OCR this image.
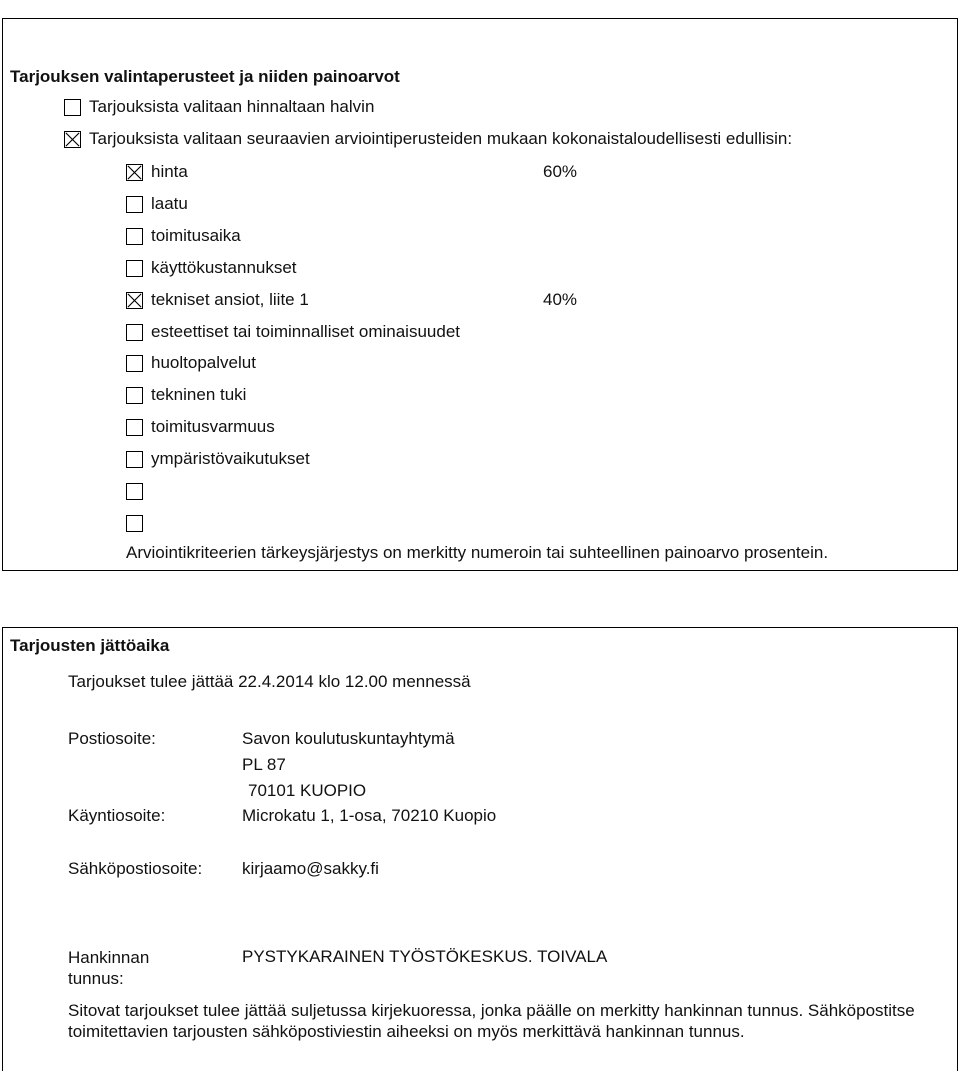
Tarjouksen valintaperusteet ja niiden painoarvot
Tarjouksista valitaan hinnaltaan halvin
Tarjouksista valitaan seuraavien arviointiperusteiden mukaan kokonaistaloudellisesti edullisin:
hinta	60%
laatu
toimitusaika
käyttökustannukset
tekniset ansiot, liite 1	40%
esteettiset tai toiminnalliset ominaisuudet
huoltopalvelut
tekninen tuki
toimitusvarmuus
ympäristövaikutukset
Arviointikriteerien tärkeysjärjestys on merkitty numeroin tai suhteellinen painoarvo prosentein.
Tarjousten jättöaika
Tarjoukset tulee jättää 22.4.2014 klo 12.00 mennessä
Postiosoite:	Savon koulutuskuntayhtymä
PL 87
70101 KUOPIO
Käyntiosoite:	Microkatu 1, 1-osa, 70210 Kuopio
Sähköpostiosoite: kirjaamo@sakky.fi
Hankinnan tunnus:
PYSTYKARAINEN TYÖSTÖKESKUS. TOIVALA
Sitovat tarjoukset tulee jättää suljetussa kirjekuoressa, jonka päälle on merkitty hankinnan tunnus. Sähköpostitse toimitettavien tarjousten sähköpostiviestin aiheeksi on myös merkittävä hankinnan tunnus.
